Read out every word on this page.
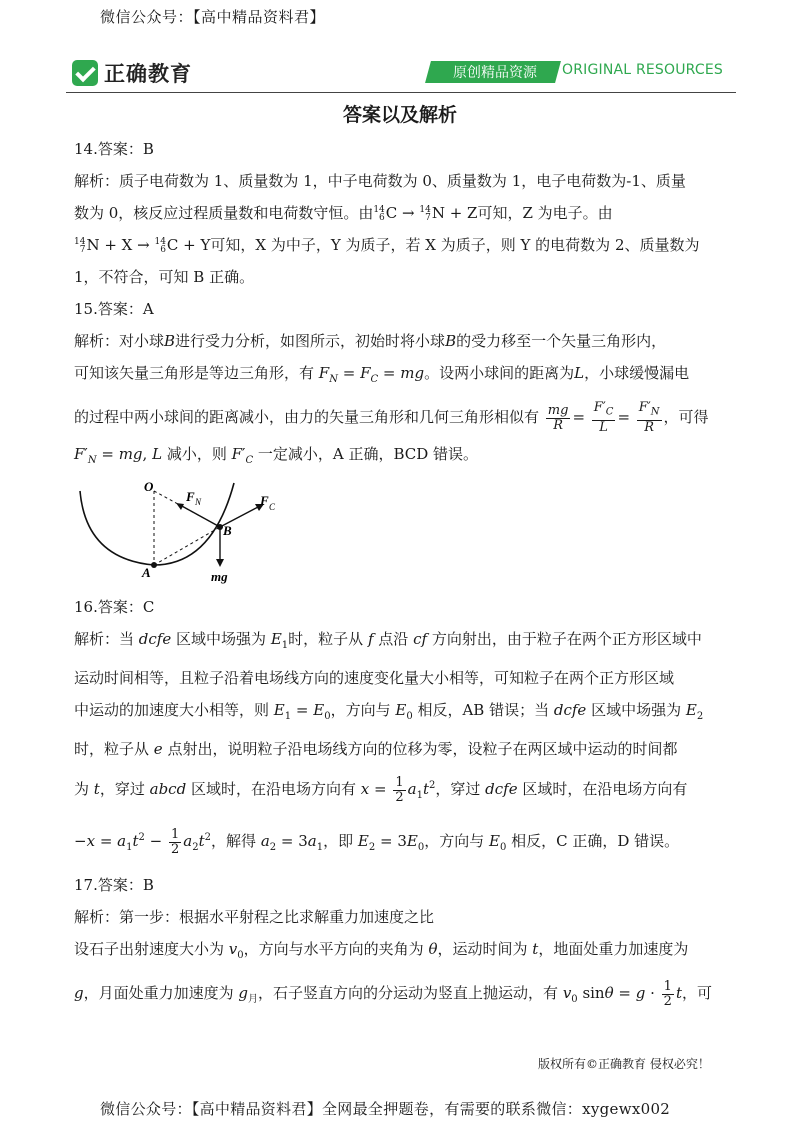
微信公众号：【高中精品资料君】
正确教育	原创精品资源	ORIGINAL RESOURCES
答案以及解析
14.答案：B
解析：质子电荷数为 1、质量数为 1，中子电荷数为 0、质量数为 1，电子电荷数为-1、质量
数为 0，核反应过程质量数和电荷数守恒。由 14
6 C → 14
7 N + Z可知，Z 为电子。由
14
7 N + X → 14
6 C + Y可知，X 为中子，Y 为质子，若 X 为质子，则 Y 的电荷数为 2、质量数为
1，不符合，可知 B 正确。
15.答案：A
解析：对小球B进行受力分析，如图所示，初始时将小球B的受力移至一个矢量三角形内，
可知该矢量三角形是等边三角形，有 $F_N = F_C$ = mg。设两小球间的距离为L，小球缓慢漏电
的过程中两小球间的距离减小，由力的矢量三角形和几何三角形相似有 $\frac{mg}{R} = \frac{F'_C}{L} = \frac{F'_N}{R}$ ，可得
$F'_N$ = mg, L 减小，则 $F'_C$ 一定减小，A 正确，BCD 错误。
O
F N	F C
B
A	mg
16.答案：C
解析：当 dcfe 区域中场强为 $E_1$时，粒子从 f 点沿 cf 方向射出，由于粒子在两个正方形区域中
运动时间相等，且粒子沿着电场线方向的速度变化量大小相等，可知粒子在两个正方形区域
中运动的加速度大小相等，则 $E_1 = E_0$，方向与 $E_0$ 相反，AB 错误；当 dcfe 区域中场强为 $E_2$
时，粒子从 e 点射出，说明粒子沿电场线方向的位移为零，设粒子在两区域中运动的时间都
为 t，穿过 abcd 区域时，在沿电场方向有 $x = \frac{1}{2} a_1t^2$，穿过 dcfe 区域时，在沿电场方向有
$-x = a_1t^2 - \frac{1}{2} a_2t^2$，解得 $a_2 = 3a_1$，即 $E_2 = 3E_0$，方向与 $E_0$ 相反，C 正确，D 错误。
17.答案：B
解析：第一步：根据水平射程之比求解重力加速度之比
设石子出射速度大小为 $v_0$，方向与水平方向的夹角为 θ，运动时间为 t，地面处重力加速度为
g，月面处重力加速度为 $g_月$，石子竖直方向的分运动为竖直上抛运动，有 $v_0$ $\sin\theta = g \cdot \frac{1}{2}$ t，可
版权所有©正确教育 侵权必究！
微信公众号：【高中精品资料君】全网最全押题卷，有需要的联系微信：xygewx002
